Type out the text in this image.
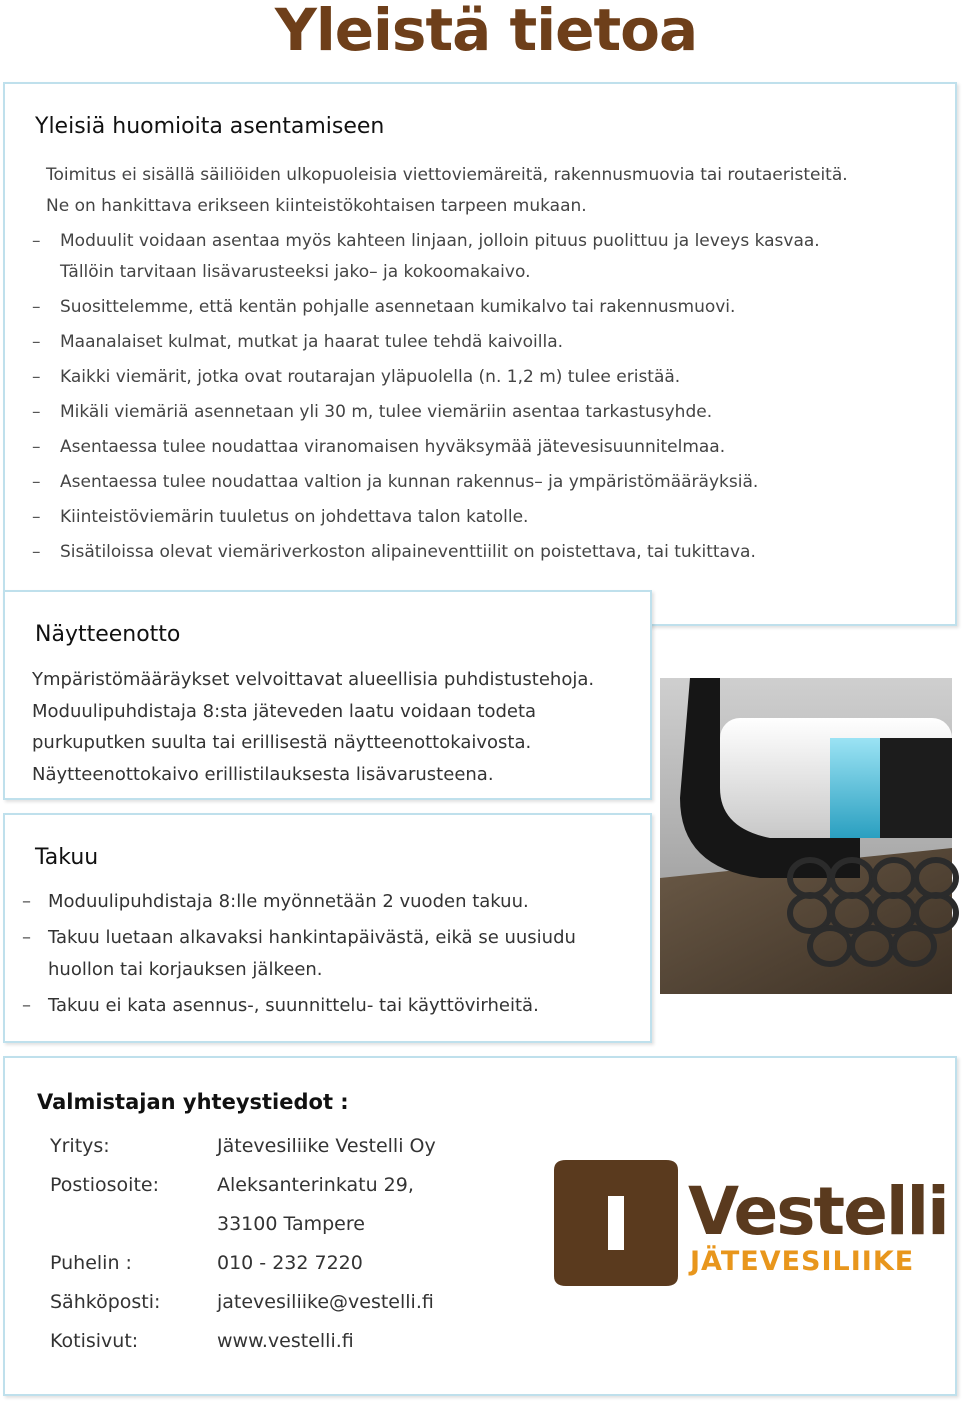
Yleistä tietoa
Yleisiä huomioita asentamiseen
Toimitus ei sisällä säiliöiden ulkopuoleisia viettoviemäreitä, rakennusmuovia tai routaeristeitä.
Ne on hankittava erikseen kiinteistökohtaisen tarpeen mukaan.
– Moduulit voidaan asentaa myös kahteen linjaan, jolloin pituus puolittuu ja leveys kasvaa.
Tällöin tarvitaan lisävarusteeksi jako– ja kokoomakaivo.
– Suosittelemme, että kentän pohjalle asennetaan kumikalvo tai rakennusmuovi.
– Maanalaiset kulmat, mutkat ja haarat tulee tehdä kaivoilla.
– Kaikki viemärit, jotka ovat routarajan yläpuolella (n. 1,2 m) tulee eristää.
– Mikäli viemäriä asennetaan yli 30 m, tulee viemäriin asentaa tarkastusyhde.
– Asentaessa tulee noudattaa viranomaisen hyväksymää jätevesisuunnitelmaa.
– Asentaessa tulee noudattaa valtion ja kunnan rakennus– ja ympäristömääräyksiä.
– Kiinteistöviemärin tuuletus on johdettava talon katolle.
– Sisätiloissa olevat viemäriverkoston alipaineventtiilit on poistettava, tai tukittava.
Näytteenotto
Ympäristömääräykset velvoittavat alueellisia puhdistustehoja.
Moduulipuhdistaja 8:sta jäteveden laatu voidaan todeta
purkuputken suulta tai erillisestä näytteenottokaivosta.
Näytteenottokaivo erillistilauksesta lisävarusteena.
Takuu
– Moduulipuhdistaja 8:lle myönnetään 2 vuoden takuu.
– Takuu luetaan alkavaksi hankintapäivästä, eikä se uusiudu
huollon tai korjauksen jälkeen.
– Takuu ei kata asennus-, suunnittelu- tai käyttövirheitä.
Valmistajan yhteystiedot :
Yritys:	Jätevesiliike Vestelli Oy
Postiosoite:	Aleksanterinkatu 29,
33100 Tampere
Puhelin :	010 - 232 7220
Sähköposti:	jatevesiliike@vestelli.fi
Kotisivut:	www.vestelli.fi
Vestelli
JÄTEVESILIIKE
